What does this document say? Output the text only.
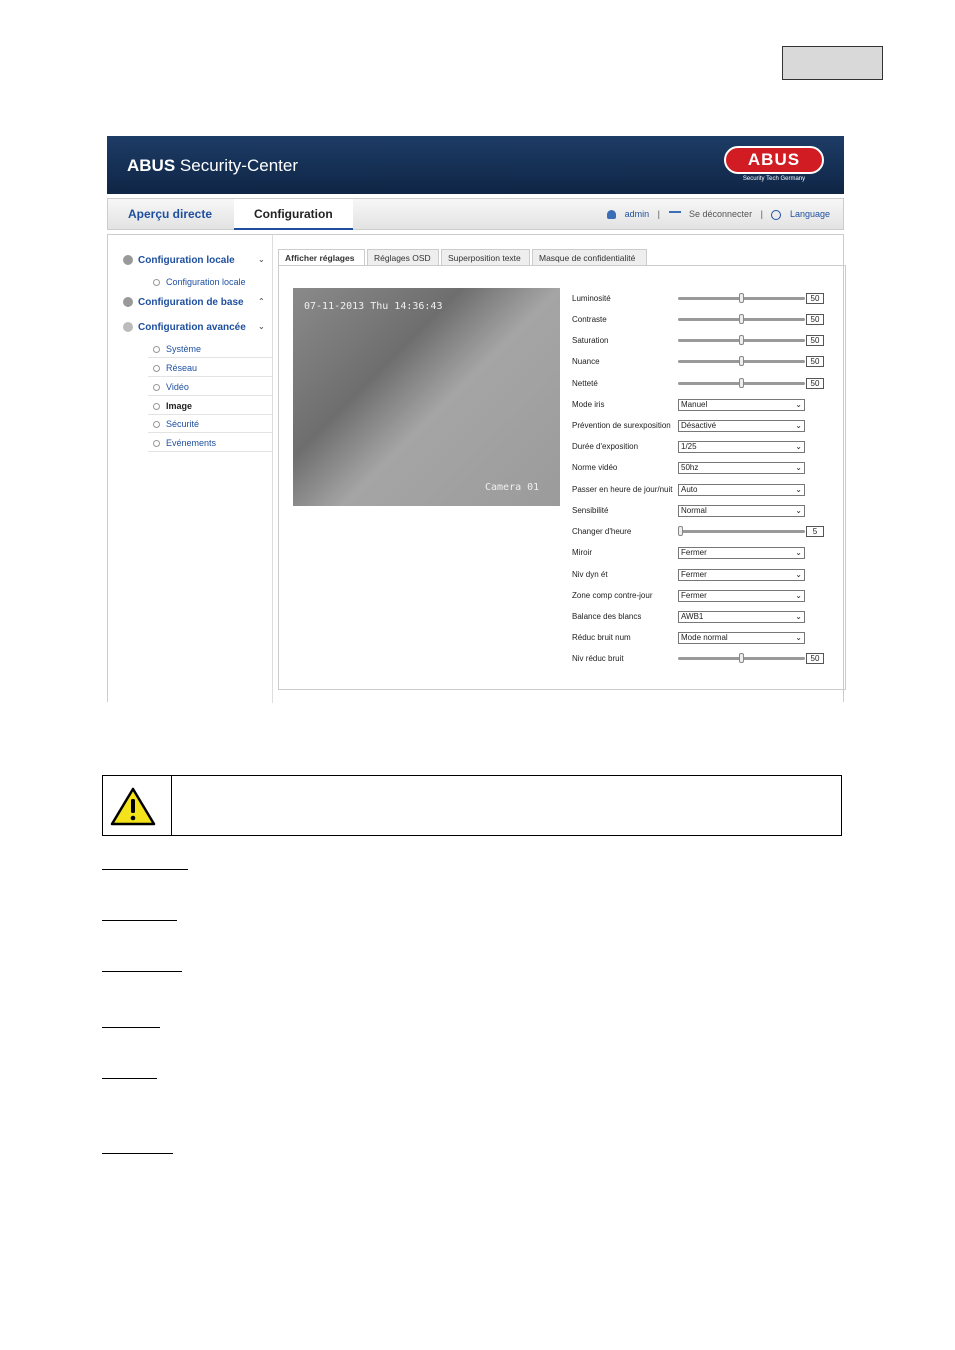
ABUS Security-Center	ABUS
Security Tech Germany
Aperçu directe	Configuration	admin |	Se déconnecter |	Language
Configuration locale	⌄
Configuration locale
Configuration de base ⌃
Configuration avancée ⌄
Système
Réseau
Vidéo
Image
Sécurité
Evénements
Afficher réglages	Réglages OSD	Superposition texte	Masque de confidentialité
07-11-2013 Thu 14:36:43
Camera 01
Luminosité	50
Contraste	50
Saturation	50
Nuance	50
Netteté	50
Mode iris	Manuel	⌄
Prévention de surexposition	Désactivé	⌄
Durée d'exposition	1/25	⌄
Norme vidéo	50hz	⌄
Passer en heure de jour/nuit	Auto	⌄
Sensibilité	Normal	⌄
Changer d'heure	5
Miroir	Fermer	⌄
Niv dyn ét	Fermer	⌄
Zone comp contre-jour	Fermer	⌄
Balance des blancs	AWB1	⌄
Réduc bruit num	Mode normal	⌄
Niv réduc bruit	50
